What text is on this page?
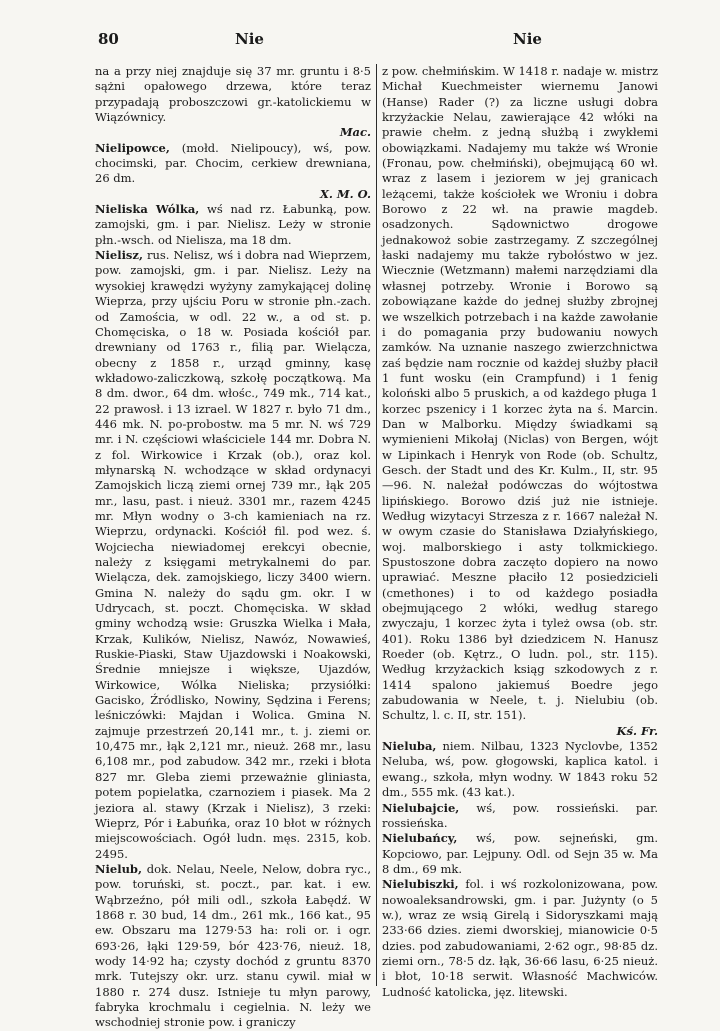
80	Nie	Nie

na a przy niej znajduje się 37 mr. gruntu i 8·5 sążni opałowego drzewa, które teraz przypadają proboszczowi gr.-katolickiemu w Wiązównicy.

Mac.

Nielipowce, (mołd. Nielipoucy), wś, pow. chocimski, par. Chocim, cerkiew drewniana, 26 dm.

X. M. O.

Nieliska Wólka, wś nad rz. Łabunką, pow. zamojski, gm. i par. Nielisz. Leży w stronie płn.-wsch. od Nielisza, ma 18 dm.

Nielisz, rus. Nelisz, wś i dobra nad Wieprzem, pow. zamojski, gm. i par. Nielisz. Leży na wysokiej krawędzi wyżyny zamykającej dolinę Wieprza, przy ujściu Poru w stronie płn.-zach. od Zamościa, w odl. 22 w., a od st. p. Chomęciska, o 18 w. Posiada kościół par. drewniany od 1763 r., filią par. Wielącza, obecny z 1858 r., urząd gminny, kasę wkładowo-zaliczkową, szkołę początkową. Ma 8 dm. dwor., 64 dm. włośc., 749 mk., 714 kat., 22 prawosł. i 13 izrael. W 1827 r. było 71 dm., 446 mk. N. po-probostw. ma 5 mr. N. wś 729 mr. i N. częściowi właściciele 144 mr. Dobra N. z fol. Wirkowice i Krzak (ob.), oraz kol. młynarską N. wchodzące w skład ordynacyi Zamojskich liczą ziemi ornej 739 mr., łąk 205 mr., lasu, past. i nieuż. 3301 mr., razem 4245 mr. Młyn wodny o 3-ch kamieniach na rz. Wieprzu, ordynacki. Kościół fil. pod wez. ś. Wojciecha niewiadomej erekcyi obecnie, należy z księgami metrykalnemi do par. Wielącza, dek. zamojskiego, liczy 3400 wiern. Gmina N. należy do sądu gm. okr. I w Udrycach, st. poczt. Chomęciska. W skład gminy wchodzą wsie: Gruszka Wielka i Mała, Krzak, Kulików, Nielisz, Nawóz, Nowawieś, Ruskie-Piaski, Staw Ujazdowski i Noakowski, Średnie mniejsze i większe, Ujazdów, Wirkowice, Wólka Nieliska; przysiółki: Gacisko, Źródlisko, Nowiny, Sędzina i Ferens; leśniczówki: Majdan i Wolica. Gmina N. zajmuje przestrzeń 20,141 mr., t. j. ziemi or. 10,475 mr., łąk 2,121 mr., nieuż. 268 mr., lasu 6,108 mr., pod zabudow. 342 mr., rzeki i błota 827 mr. Gleba ziemi przeważnie gliniasta, potem popielatka, czarnoziem i piasek. Ma 2 jeziora al. stawy (Krzak i Nielisz), 3 rzeki: Wieprz, Pór i Łabuńka, oraz 10 błot w różnych miejscowościach. Ogół ludn. męs. 2315, kob. 2495.

Nielub, dok. Nelau, Neele, Nelow, dobra ryc., pow. toruński, st. poczt., par. kat. i ew. Wąbrzeźno, pół mili odl., szkoła Łabędź. W 1868 r. 30 bud, 14 dm., 261 mk., 166 kat., 95 ew. Obszaru ma 1279·53 ha: roli or. i ogr. 693·26, łąki 129·59, bór 423·76, nieuż. 18, wody 14·92 ha; czysty dochód z gruntu 8370 mrk. Tutejszy okr. urz. stanu cywil. miał w 1880 r. 274 dusz. Istnieje tu młyn parowy, fabryka krochmalu i cegielnia. N. leży we wschodniej stronie pow. i graniczy

z pow. chełmińskim. W 1418 r. nadaje w. mistrz Michał Kuechmeister wiernemu Janowi (Hanse) Rader (?) za liczne usługi dobra krzyżackie Nelau, zawierające 42 włóki na prawie chełm. z jedną służbą i zwykłemi obowiązkami. Nadajemy mu także wś Wronie (Fronau, pow. chełmiński), obejmującą 60 wł. wraz z lasem i jeziorem w jej granicach leżącemi, także kościołek we Wroniu i dobra Borowo z 22 wł. na prawie magdeb. osadzonych. Sądownictwo drogowe jednakowoż sobie zastrzegamy. Z szczególnej łaski nadajemy mu także rybołóstwo w jez. Wiecznie (Wetzmann) małemi narzędziami dla własnej potrzeby. Wronie i Borowo są zobowiązane każde do jednej służby zbrojnej we wszelkich potrzebach i na każde zawołanie i do pomagania przy budowaniu nowych zamków. Na uznanie naszego zwierzchnictwa zaś będzie nam rocznie od każdej służby płacił 1 funt wosku (ein Crampfund) i 1 fenig koloński albo 5 pruskich, a od każdego pługa 1 korzec pszenicy i 1 korzec żyta na ś. Marcin. Dan w Malborku. Między świadkami są wymienieni Mikołaj (Niclas) von Bergen, wójt w Lipinkach i Henryk von Rode (ob. Schultz, Gesch. der Stadt und des Kr. Kulm., II, str. 95—96. N. należał podówczas do wójtostwa lipińskiego. Borowo dziś już nie istnieje. Według wizytacyi Strzesza z r. 1667 należał N. w owym czasie do Stanisława Działyńskiego, woj. malborskiego i asty tolkmickiego. Spustoszone dobra zaczęto dopiero na nowo uprawiać. Meszne płaciło 12 posiedzicieli (cmethones) i to od każdego posiadła obejmującego 2 włóki, według starego zwyczaju, 1 korzec żyta i tyleż owsa (ob. str. 401). Roku 1386 był dziedzicem N. Hanusz Roeder (ob. Kętrz., O ludn. pol., str. 115). Według krzyżackich ksiąg szkodowych z r. 1414 spalono jakiemuś Boedre jego zabudowania w Neele, t. j. Nielubiu (ob. Schultz, l. c. II, str. 151).

Kś. Fr.

Nieluba, niem. Nilbau, 1323 Nyclovbe, 1352 Neluba, wś, pow. głogowski, kaplica katol. i ewang., szkoła, młyn wodny. W 1843 roku 52 dm., 555 mk. (43 kat.).

Nielubajcie, wś, pow. rossieński. par. rossieńska.

Nielubańcy, wś, pow. sejneński, gm. Kopciowo, par. Lejpuny. Odl. od Sejn 35 w. Ma 8 dm., 69 mk.

Nielubiszki, fol. i wś rozkolonizowana, pow. nowoaleksandrowski, gm. i par. Jużynty (o 5 w.), wraz ze wsią Girelą i Sidoryszkami mają 233·66 dzies. ziemi dworskiej, mianowicie 0·5 dzies. pod zabudowaniami, 2·62 ogr., 98·85 dz. ziemi orn., 78·5 dz. łąk, 36·66 lasu, 6·25 nieuż. i błot, 10·18 serwit. Własność Machwiców. Ludność katolicka, jęz. litewski.
